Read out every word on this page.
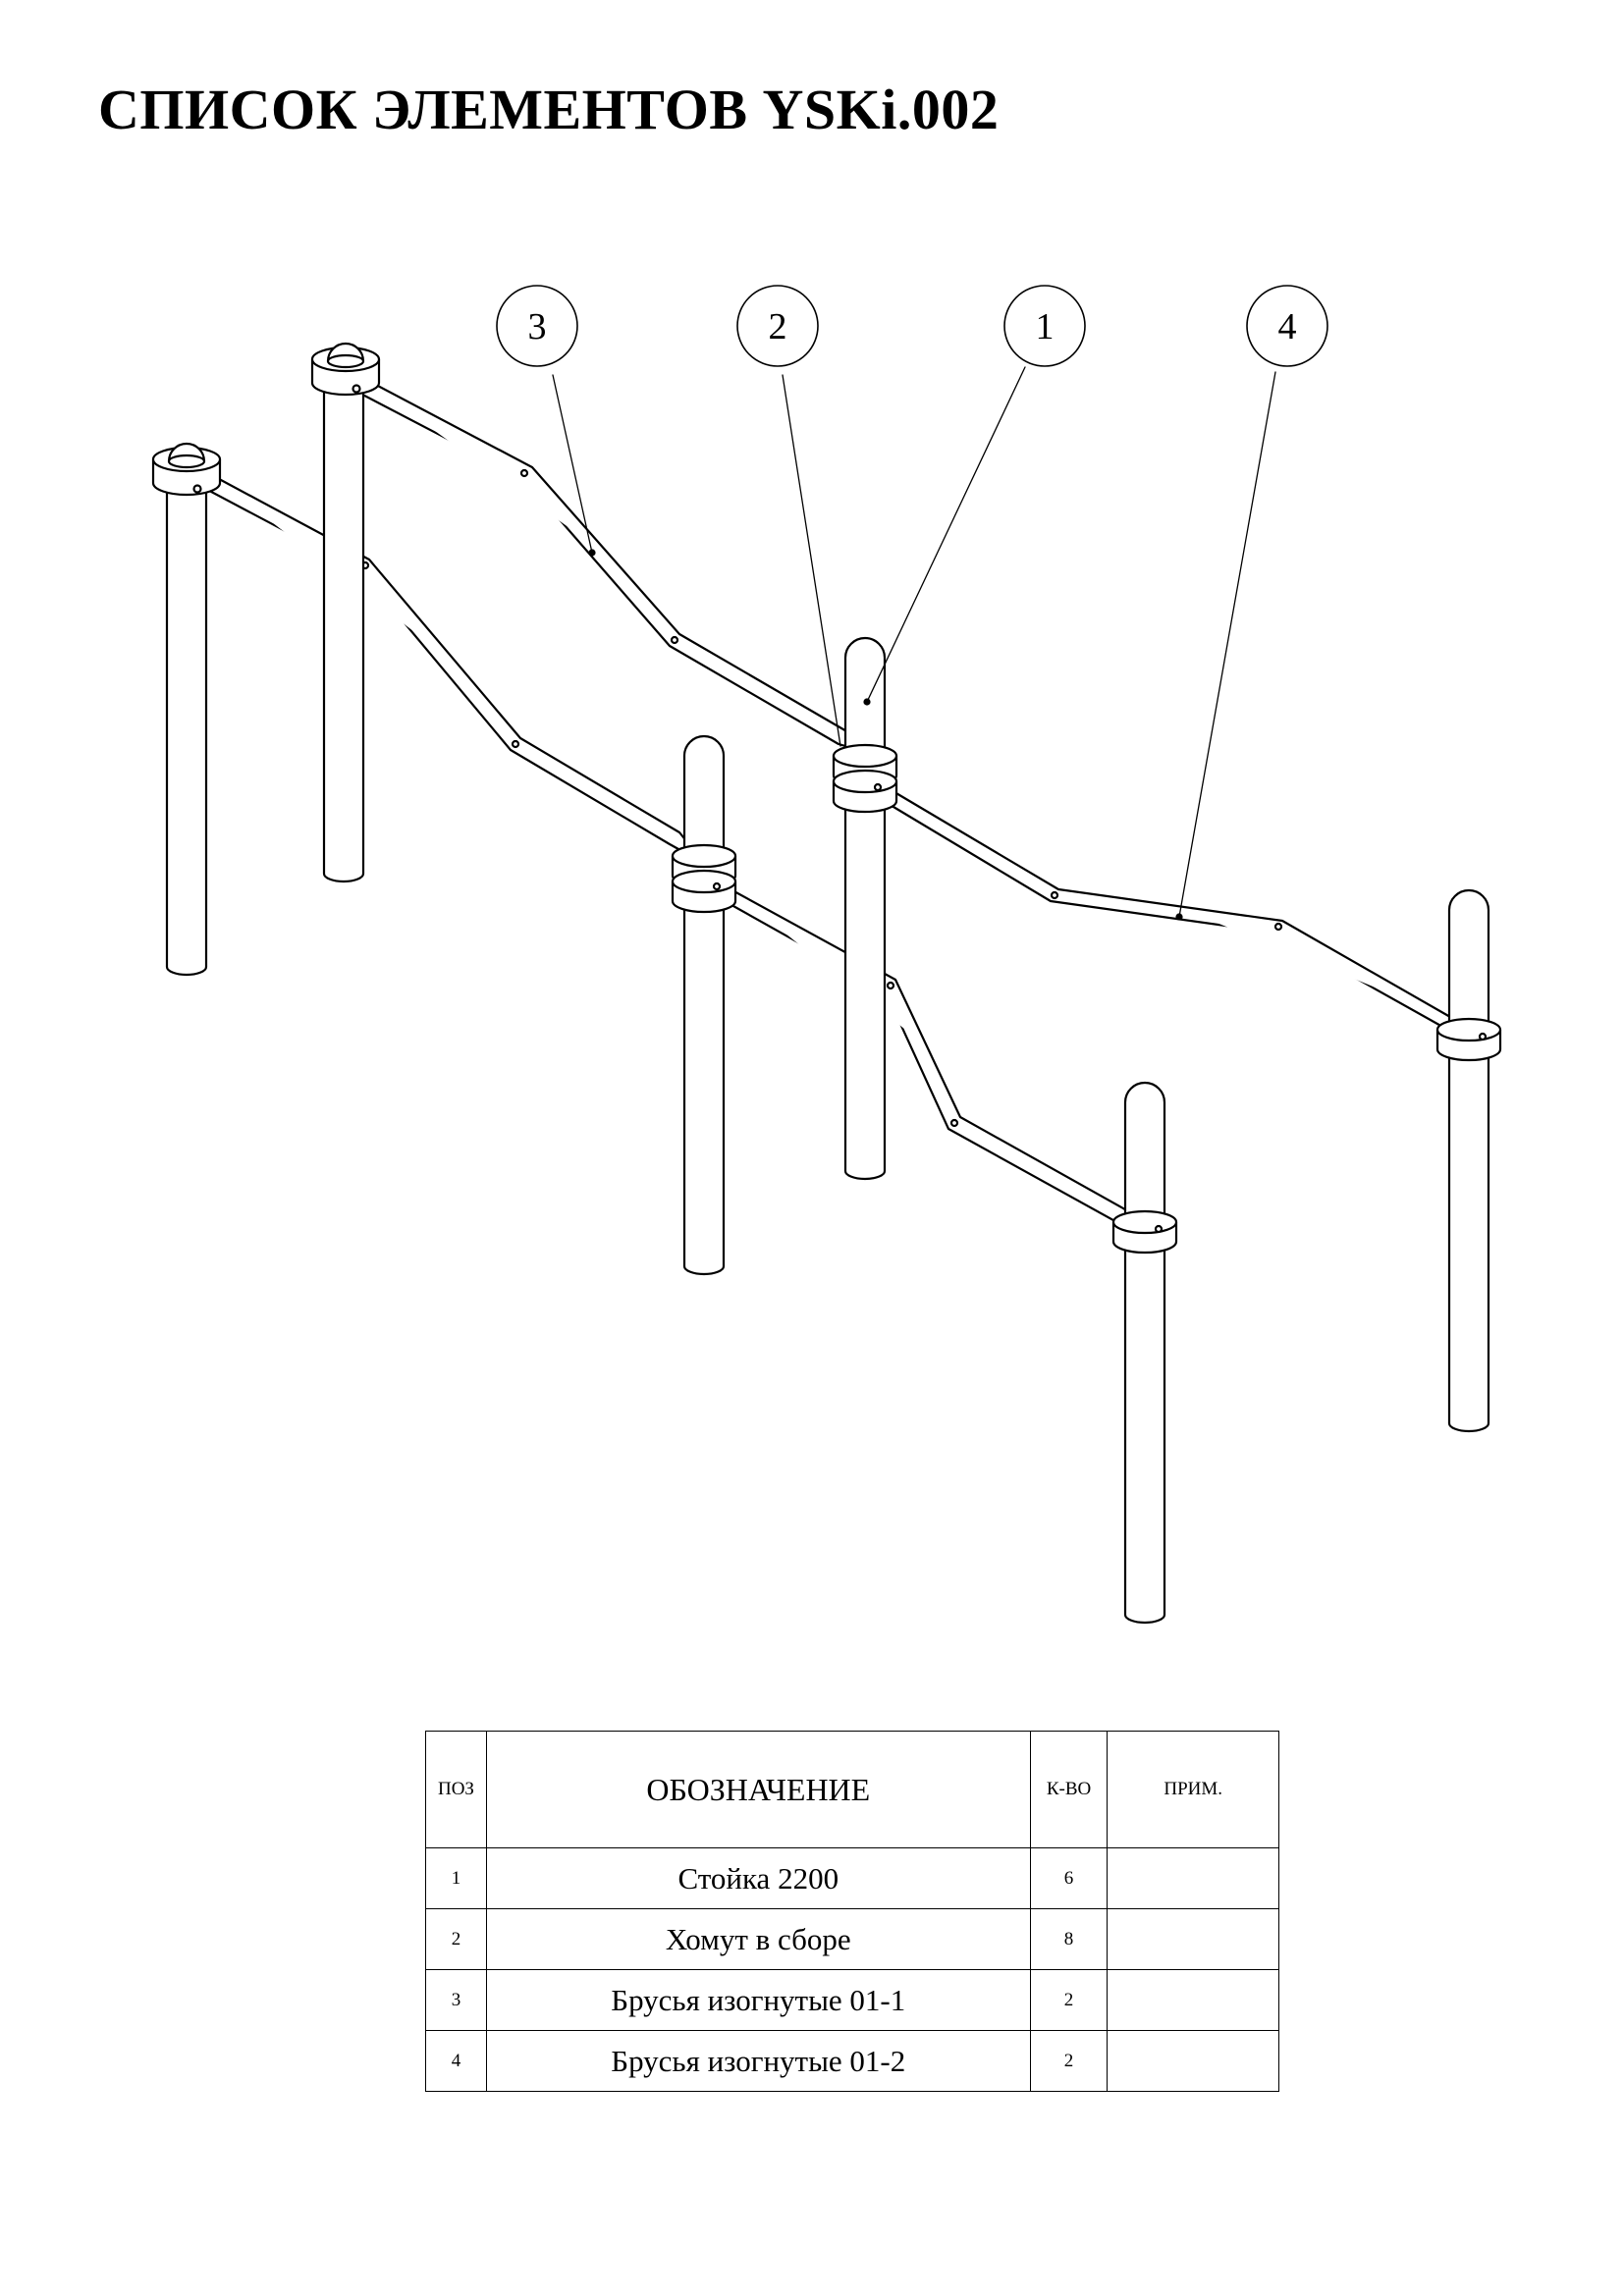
СПИСОК ЭЛЕМЕНТОВ YSKi.002
3	2	1	4
ПОЗ	ОБОЗНАЧЕНИЕ	К-ВО	ПРИМ.
1	Стойка 2200	6	
2	Хомут в сборе	8	
3	Брусья изогнутые 01-1	2	
4	Брусья изогнутые 01-2	2	
